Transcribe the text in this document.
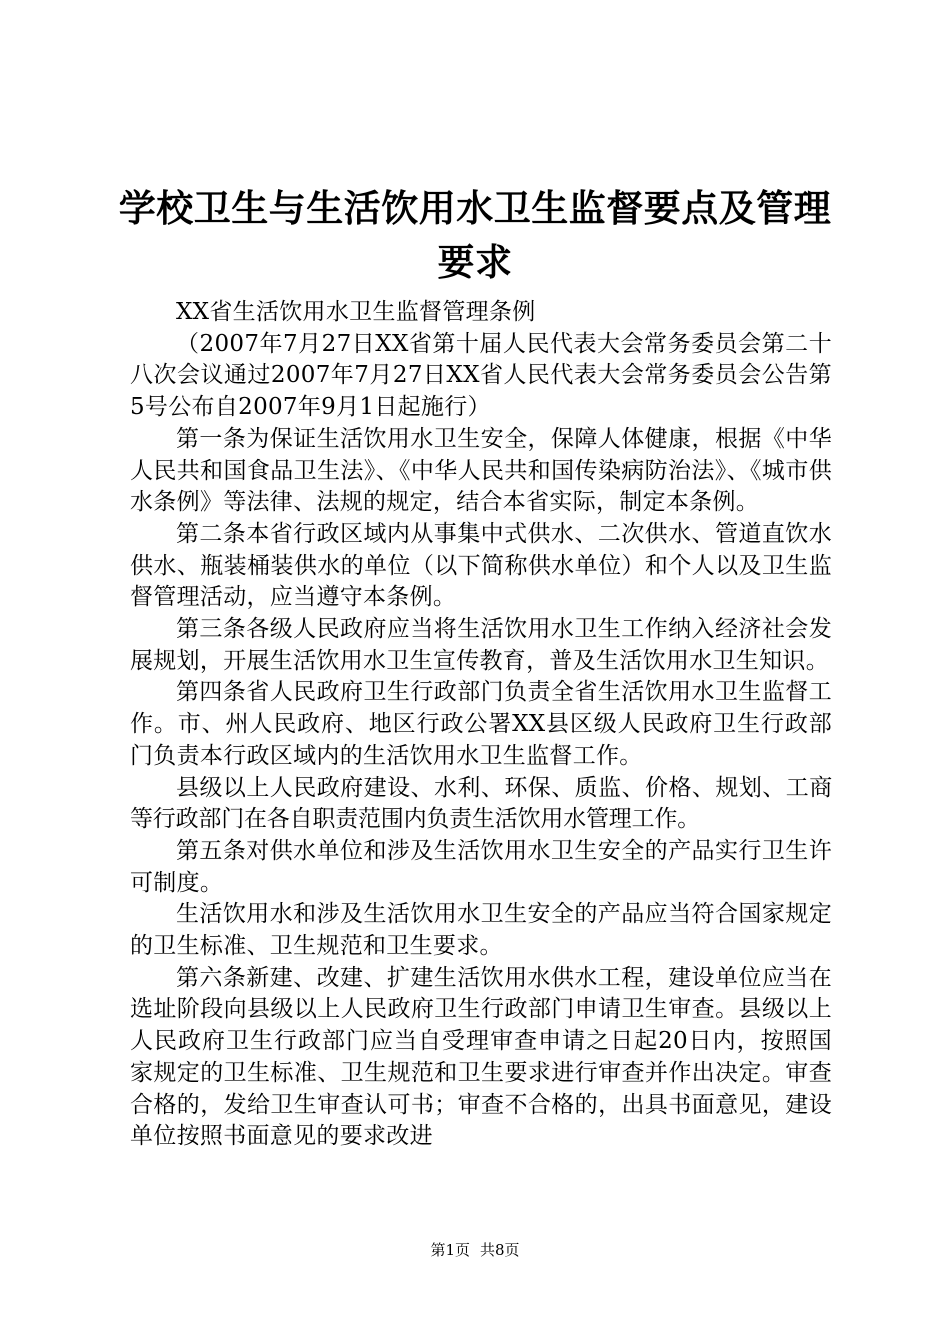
学校卫生与生活饮用水卫生监督要点及管理要求

XX省生活饮用水卫生监督管理条例

（2007年7月27日XX省第十届人民代表大会常务委员会第二十八次会议通过2007年7月27日XX省人民代表大会常务委员会公告第5号公布自2007年9月1日起施行）

第一条为保证生活饮用水卫生安全，保障人体健康，根据《中华人民共和国食品卫生法》、《中华人民共和国传染病防治法》、《城市供水条例》等法律、法规的规定，结合本省实际，制定本条例。

第二条本省行政区域内从事集中式供水、二次供水、管道直饮水供水、瓶装桶装供水的单位（以下简称供水单位）和个人以及卫生监督管理活动，应当遵守本条例。

第三条各级人民政府应当将生活饮用水卫生工作纳入经济社会发展规划，开展生活饮用水卫生宣传教育，普及生活饮用水卫生知识。

第四条省人民政府卫生行政部门负责全省生活饮用水卫生监督工作。市、州人民政府、地区行政公署XX县区级人民政府卫生行政部门负责本行政区域内的生活饮用水卫生监督工作。

县级以上人民政府建设、水利、环保、质监、价格、规划、工商等行政部门在各自职责范围内负责生活饮用水管理工作。

第五条对供水单位和涉及生活饮用水卫生安全的产品实行卫生许可制度。

生活饮用水和涉及生活饮用水卫生安全的产品应当符合国家规定的卫生标准、卫生规范和卫生要求。

第六条新建、改建、扩建生活饮用水供水工程，建设单位应当在选址阶段向县级以上人民政府卫生行政部门申请卫生审查。县级以上人民政府卫生行政部门应当自受理审查申请之日起20日内，按照国家规定的卫生标准、卫生规范和卫生要求进行审查并作出决定。审查合格的，发给卫生审查认可书；审查不合格的，出具书面意见，建设单位按照书面意见的要求改进

第1页 共8页
